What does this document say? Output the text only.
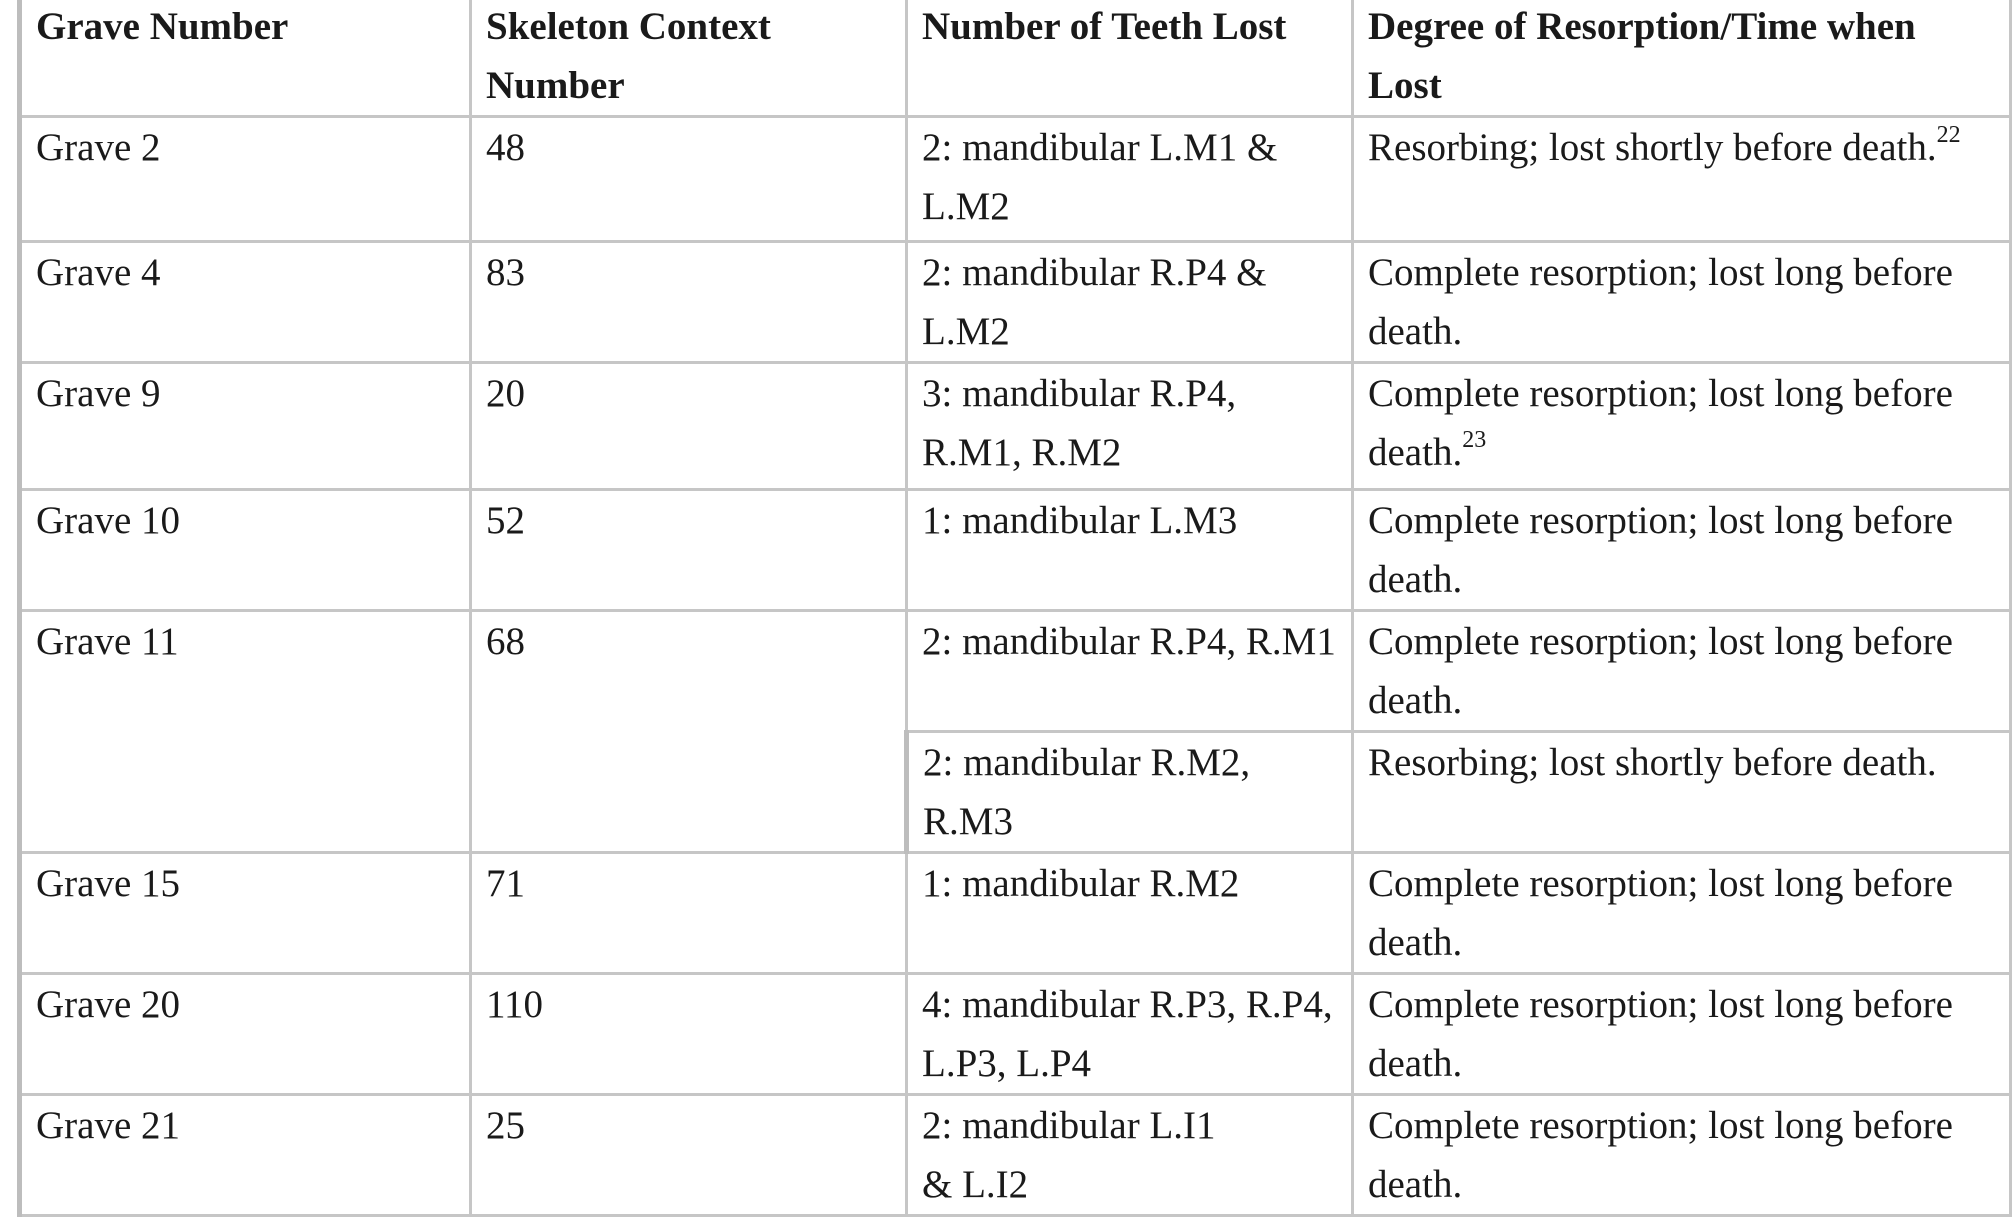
Grave Number	Skeleton Context Number	Number of Teeth Lost	Degree of Resorption/Time when Lost
Grave 2	48	2: mandibular L.M1 & L.M2	Resorbing; lost shortly before death.$^{22}$
Grave 4	83	2: mandibular R.P4 & L.M2	Complete resorption; lost long before death.
Grave 9	20	3: mandibular R.P4, R.M1, R.M2	Complete resorption; lost long before death.$^{23}$
Grave 10	52	1: mandibular L.M3	Complete resorption; lost long before death.
Grave 11	68	2: mandibular R.P4, R.M1	Complete resorption; lost long before death.
		2: mandibular R.M2, R.M3	Resorbing; lost shortly before death.
Grave 15	71	1: mandibular R.M2	Complete resorption; lost long before death.
Grave 20	110	4: mandibular R.P3, R.P4, L.P3, L.P4	Complete resorption; lost long before death.
Grave 21	25	2: mandibular L.I1 & L.I2	Complete resorption; lost long before death.
